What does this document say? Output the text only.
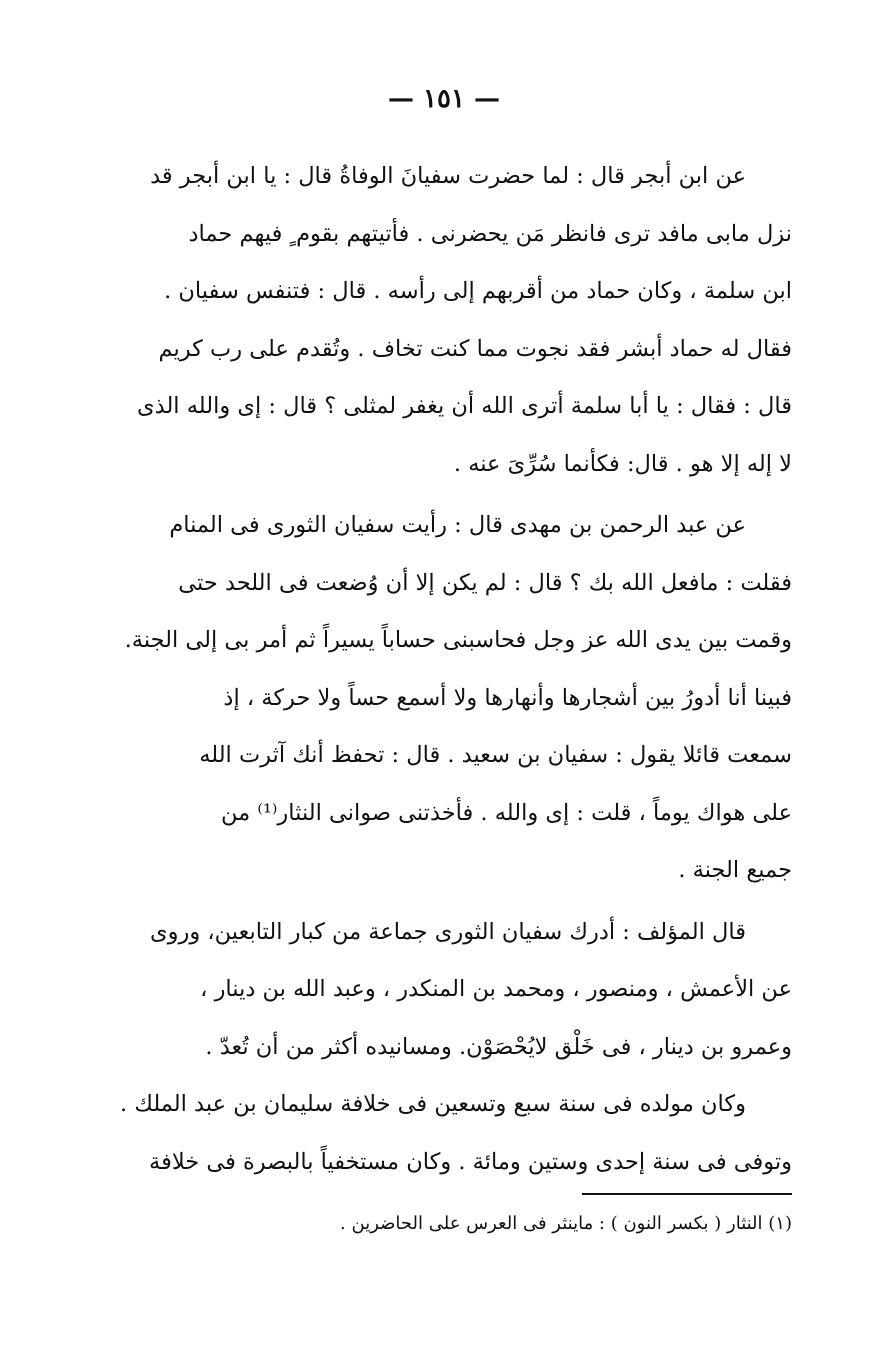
— ١٥١ —
عن ابن أبجر قال : لما حضرت سفيانَ الوفاةُ قال : يا ابن أبجر قد
نزل مابى مافد ترى فانظر مَن يحضرنى . فأتيتهم بقوم ٍ فيهم حماد
ابن سلمة ، وكان حماد من أقربهم إلى رأسه . قال : فتنفس سفيان .
فقال له حماد أبشر فقد نجوت مما كنت تخاف . وتُقدم على رب كريم
قال : فقال : يا أبا سلمة أترى الله أن يغفر لمثلى ؟ قال : إى والله الذى
لا إله إلا هو . قال: فكأنما سُرِّىَ عنه .
عن عبد الرحمن بن مهدى قال : رأيت سفيان الثورى فى المنام
فقلت : مافعل الله بك ؟ قال : لم يكن إلا أن وُضعت فى اللحد حتى
وقمت بين يدى الله عز وجل فحاسبنى حساباً يسيراً ثم أمر بى إلى الجنة.
فبينا أنا أدورُ بين أشجارها وأنهارها ولا أسمع حساً ولا حركة ، إذ
سمعت قائلا يقول : سفيان بن سعيد . قال : تحفظ أنك آثرت الله
على هواك يوماً ، قلت : إى والله . فأخذتنى صوانى النثار⁽¹⁾ من
جميع الجنة .
قال المؤلف : أدرك سفيان الثورى جماعة من كبار التابعين، وروى
عن الأعمش ، ومنصور ، ومحمد بن المنكدر ، وعبد الله بن دينار ،
وعمرو بن دينار ، فى خَلْق لايُحْصَوْن. ومسانيده أكثر من أن تُعدّ .
وكان مولده فى سنة سبع وتسعين فى خلافة سليمان بن عبد الملك .
وتوفى فى سنة إحدى وستين ومائة . وكان مستخفياً بالبصرة فى خلافة
(١) النثار ( بكسر النون ) : ماينثر فى العرس على الحاضرين .
